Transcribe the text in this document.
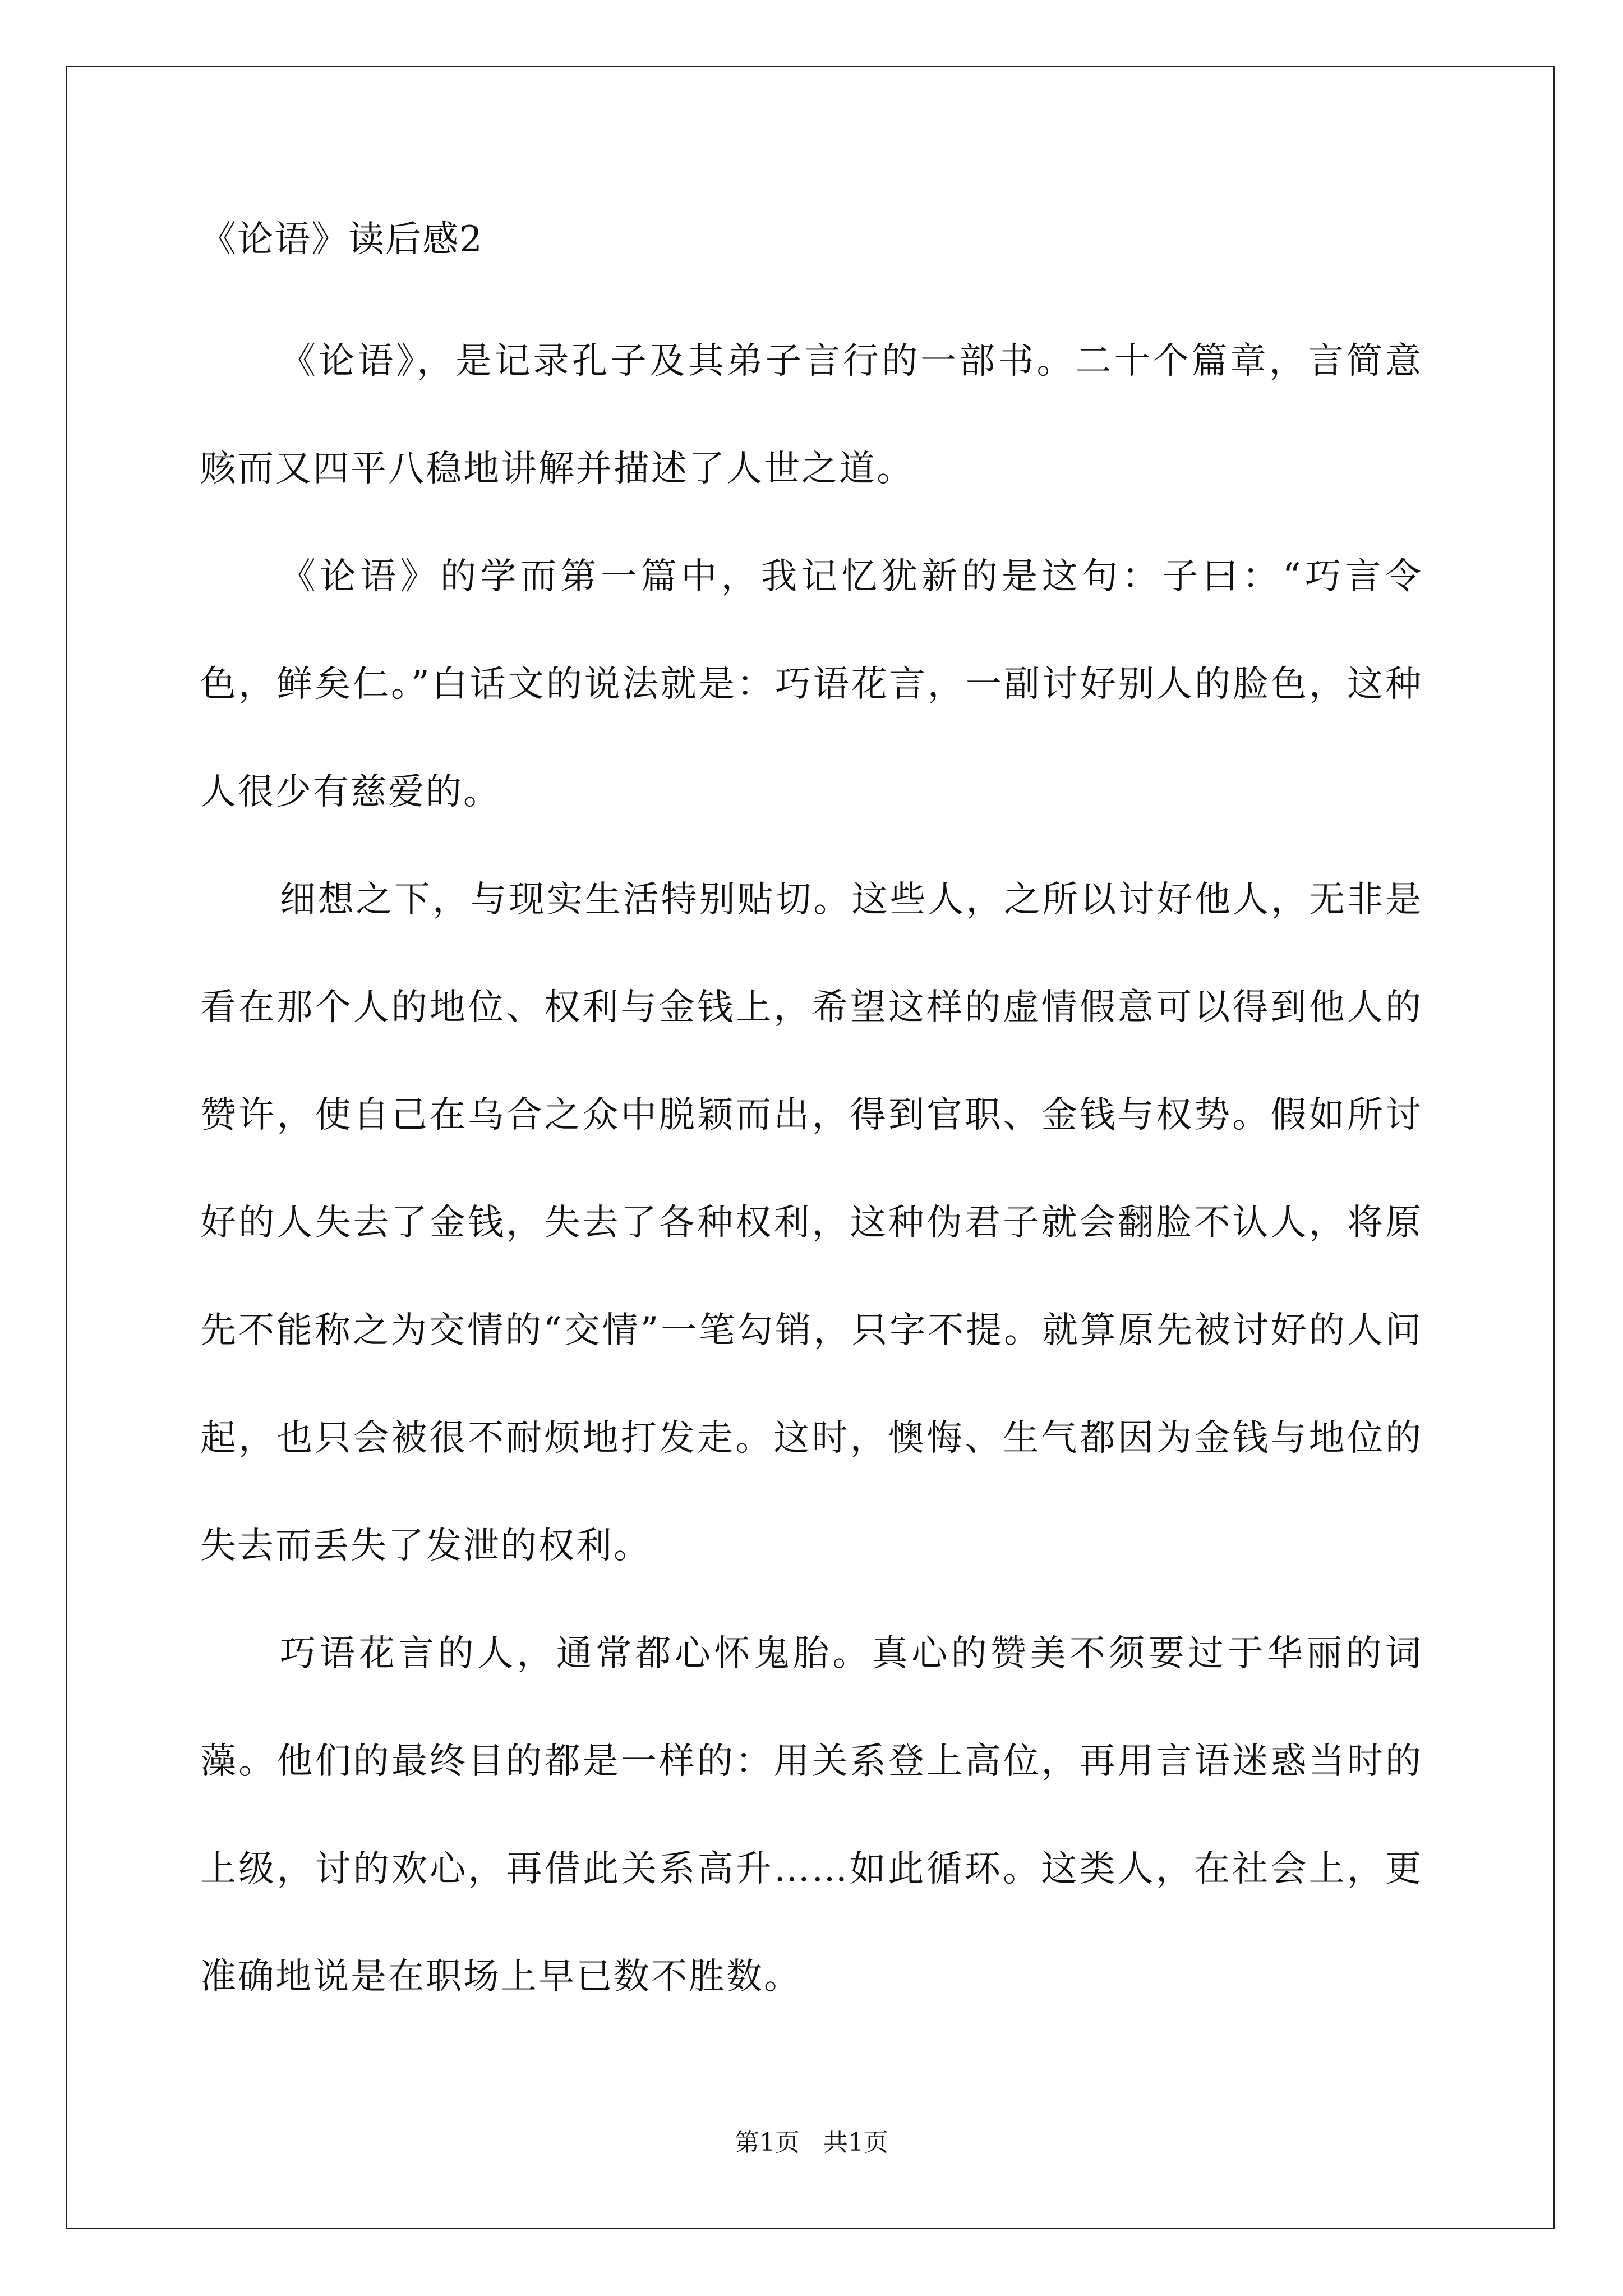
《论语》读后感2

《论语》，是记录孔子及其弟子言行的一部书。二十个篇章，言简意赅而又四平八稳地讲解并描述了人世之道。

《论语》的学而第一篇中，我记忆犹新的是这句：子曰：“巧言令色，鲜矣仁。”白话文的说法就是：巧语花言，一副讨好别人的脸色，这种人很少有慈爱的。

细想之下，与现实生活特别贴切。这些人，之所以讨好他人，无非是看在那个人的地位、权利与金钱上，希望这样的虚情假意可以得到他人的赞许，使自己在乌合之众中脱颖而出，得到官职、金钱与权势。假如所讨好的人失去了金钱，失去了各种权利，这种伪君子就会翻脸不认人，将原先不能称之为交情的“交情”一笔勾销，只字不提。就算原先被讨好的人问起，也只会被很不耐烦地打发走。这时，懊悔、生气都因为金钱与地位的失去而丢失了发泄的权利。

巧语花言的人，通常都心怀鬼胎。真心的赞美不须要过于华丽的词藻。他们的最终目的都是一样的：用关系登上高位，再用言语迷惑当时的上级，讨的欢心，再借此关系高升……如此循环。这类人，在社会上，更准确地说是在职场上早已数不胜数。

第1页   共1页
